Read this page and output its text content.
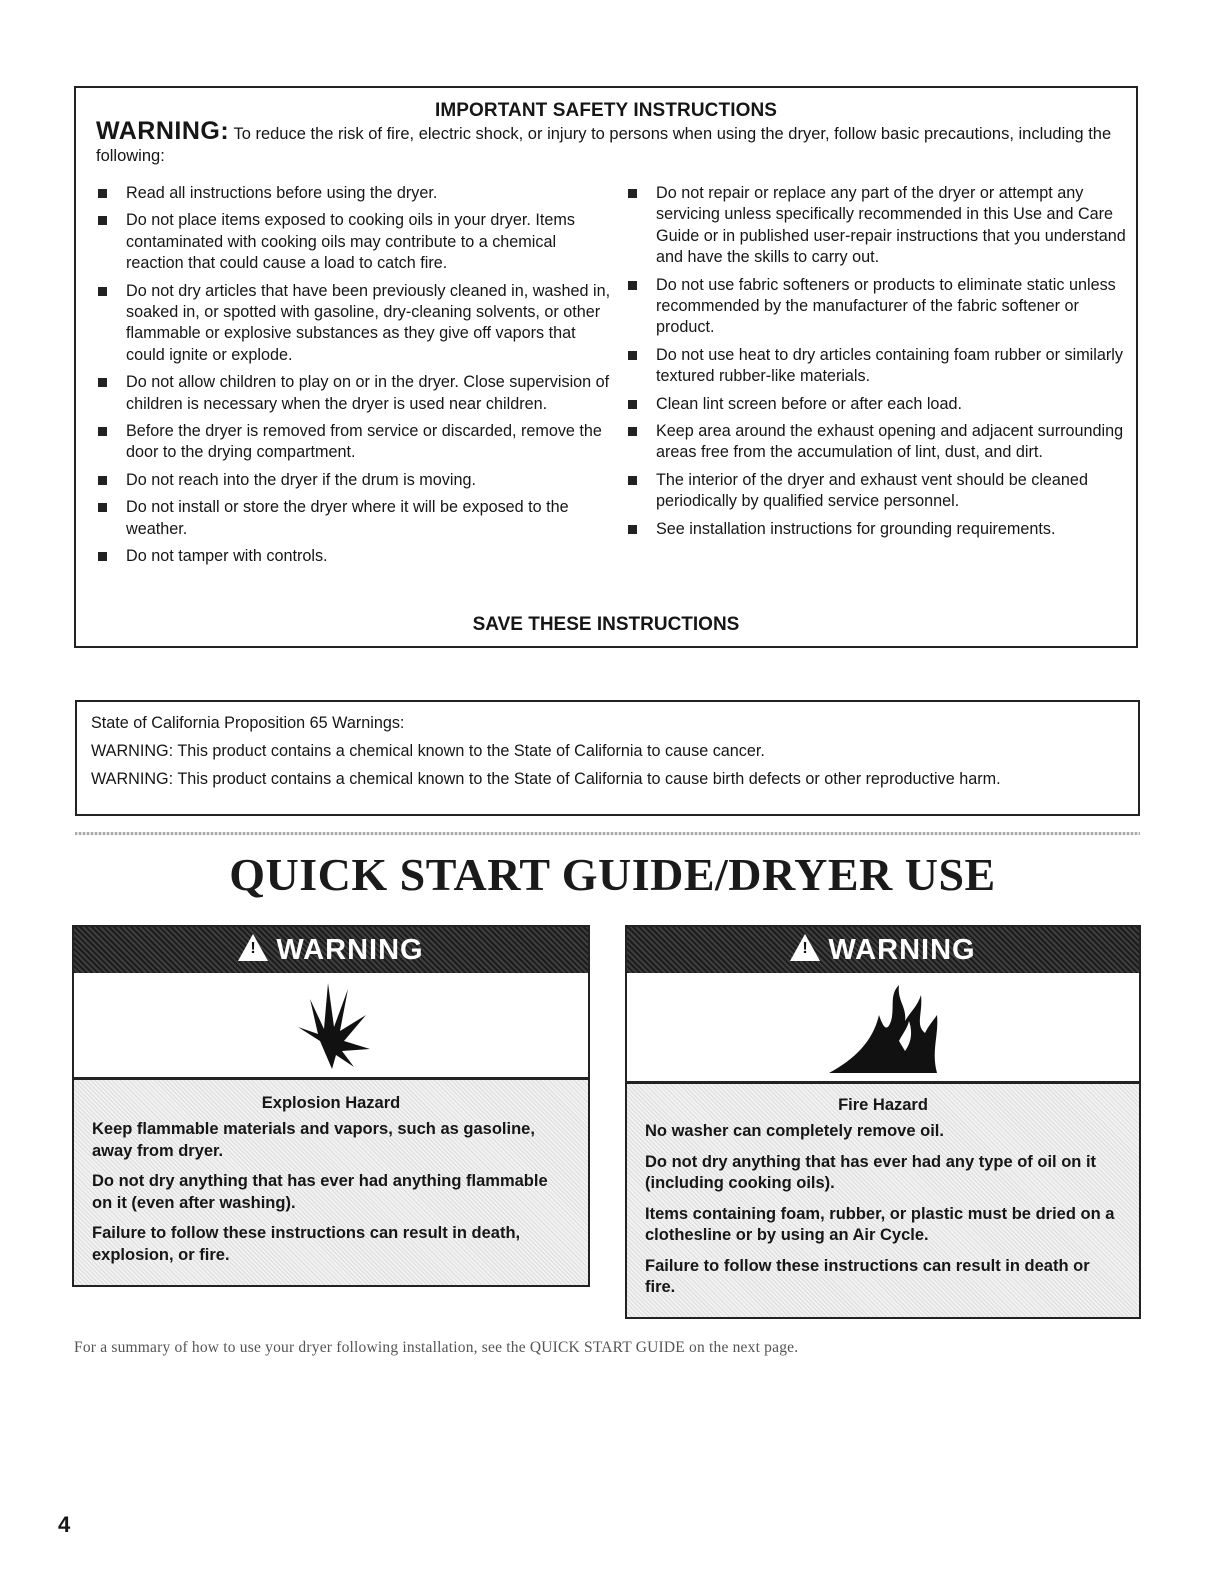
IMPORTANT SAFETY INSTRUCTIONS
WARNING: To reduce the risk of fire, electric shock, or injury to persons when using the dryer, follow basic precautions, including the following:
Read all instructions before using the dryer.
Do not place items exposed to cooking oils in your dryer. Items contaminated with cooking oils may contribute to a chemical reaction that could cause a load to catch fire.
Do not dry articles that have been previously cleaned in, washed in, soaked in, or spotted with gasoline, dry-cleaning solvents, or other flammable or explosive substances as they give off vapors that could ignite or explode.
Do not allow children to play on or in the dryer. Close supervision of children is necessary when the dryer is used near children.
Before the dryer is removed from service or discarded, remove the door to the drying compartment.
Do not reach into the dryer if the drum is moving.
Do not install or store the dryer where it will be exposed to the weather.
Do not tamper with controls.
Do not repair or replace any part of the dryer or attempt any servicing unless specifically recommended in this Use and Care Guide or in published user-repair instructions that you understand and have the skills to carry out.
Do not use fabric softeners or products to eliminate static unless recommended by the manufacturer of the fabric softener or product.
Do not use heat to dry articles containing foam rubber or similarly textured rubber-like materials.
Clean lint screen before or after each load.
Keep area around the exhaust opening and adjacent surrounding areas free from the accumulation of lint, dust, and dirt.
The interior of the dryer and exhaust vent should be cleaned periodically by qualified service personnel.
See installation instructions for grounding requirements.
SAVE THESE INSTRUCTIONS
State of California Proposition 65 Warnings:
WARNING: This product contains a chemical known to the State of California to cause cancer.
WARNING: This product contains a chemical known to the State of California to cause birth defects or other reproductive harm.
QUICK START GUIDE/DRYER USE
! WARNING
Explosion Hazard
Keep flammable materials and vapors, such as gasoline, away from dryer.
Do not dry anything that has ever had anything flammable on it (even after washing).
Failure to follow these instructions can result in death, explosion, or fire.
! WARNING
Fire Hazard
No washer can completely remove oil.
Do not dry anything that has ever had any type of oil on it (including cooking oils).
Items containing foam, rubber, or plastic must be dried on a clothesline or by using an Air Cycle.
Failure to follow these instructions can result in death or fire.
For a summary of how to use your dryer following installation, see the QUICK START GUIDE on the next page.
4
